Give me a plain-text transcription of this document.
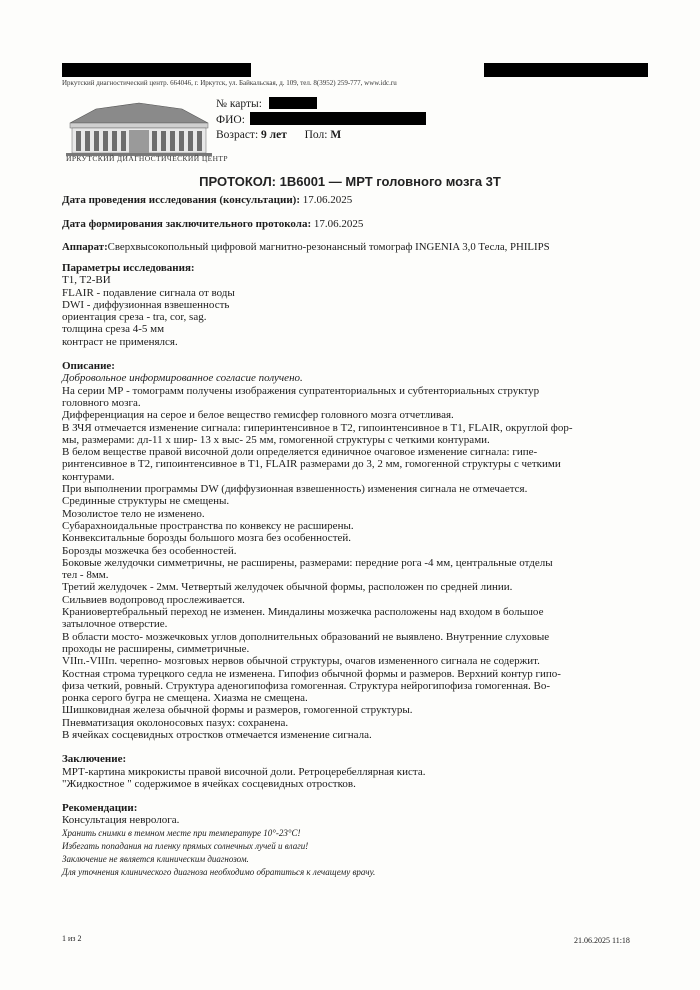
Иркутский диагностический центр. 664046, г. Иркутск, ул. Байкальская, д. 109, тел. 8(3952) 259-777, www.idc.ru
ИРКУТСКИЙ ДИАГНОСТИЧЕСКИЙ ЦЕНТР
№ карты:
ФИО:
Возраст: 9 лет Пол: М
ПРОТОКОЛ: 1В6001 — МРТ головного мозга 3Т
Дата проведения исследования (консультации): 17.06.2025
Дата формирования заключительного протокола: 17.06.2025
Аппарат:Сверхвысокопольный цифровой магнитно-резонансный томограф INGENIA 3,0 Тесла, PHILIPS
Параметры исследования:
T1, T2-ВИ
FLAIR - подавление сигнала от воды
DWI - диффузионная взвешенность
ориентация среза - tra, cor, sag.
толщина среза 4-5 мм
контраст не применялся.
Описание:
Добровольное информированное согласие получено.
На серии МР - томограмм получены изображения супратенториальных и субтенториальных структур
головного мозга.
Дифференциация на серое и белое вещество гемисфер головного мозга отчетливая.
В ЗЧЯ отмечается изменение сигнала: гиперинтенсивное в Т2, гипоинтенсивное в Т1, FLAIR, округлой фор-
мы, размерами: дл-11 х шир- 13 х выс- 25 мм, гомогенной структуры с четкими контурами.
В белом веществе правой височной доли определяется единичное очаговое изменение сигнала: гипе-
ринтенсивное в Т2, гипоинтенсивное в Т1, FLAIR размерами до 3, 2 мм, гомогенной структуры с четкими
контурами.
При выполнении программы DW (диффузионная взвешенность) изменения сигнала не отмечается.
Срединные структуры не смещены.
Мозолистое тело не изменено.
Субарахноидальные пространства по конвексу не расширены.
Конвекситальные борозды большого мозга без особенностей.
Борозды мозжечка без особенностей.
Боковые желудочки симметричны, не расширены, размерами: передние рога -4 мм, центральные отделы
тел - 8мм.
Третий желудочек - 2мм. Четвертый желудочек обычной формы, расположен по средней линии.
Сильвиев водопровод прослеживается.
Краниовертебральный переход не изменен. Миндалины мозжечка расположены над входом в большое
затылочное отверстие.
В области мосто- мозжечковых углов дополнительных образований не выявлено. Внутренние слуховые
проходы не расширены, симметричные.
VIIп.-VIIIп. черепно- мозговых нервов обычной структуры, очагов измененного сигнала не содержит.
Костная строма турецкого седла не изменена. Гипофиз обычной формы и размеров. Верхний контур гипо-
физа четкий, ровный. Структура аденогипофиза гомогенная. Структура нейрогипофиза гомогенная. Во-
ронка серого бугра не смещена. Хиазма не смещена.
Шишковидная железа обычной формы и размеров, гомогенной структуры.
Пневматизация околоносовых пазух: сохранена.
В ячейках сосцевидных отростков отмечается изменение сигнала.
Заключение:
МРТ-картина микрокисты правой височной доли. Ретроцеребеллярная киста.
"Жидкостное " содержимое в ячейках сосцевидных отростков.
Рекомендации:
Консультация невролога.
Хранить снимки в темном месте при температуре 10°-23°C!
Избегать попадания на пленку прямых солнечных лучей и влаги!
Заключение не является клиническим диагнозом.
Для уточнения клинического диагноза необходимо обратиться к лечащему врачу.
1 из 2	21.06.2025 11:18
